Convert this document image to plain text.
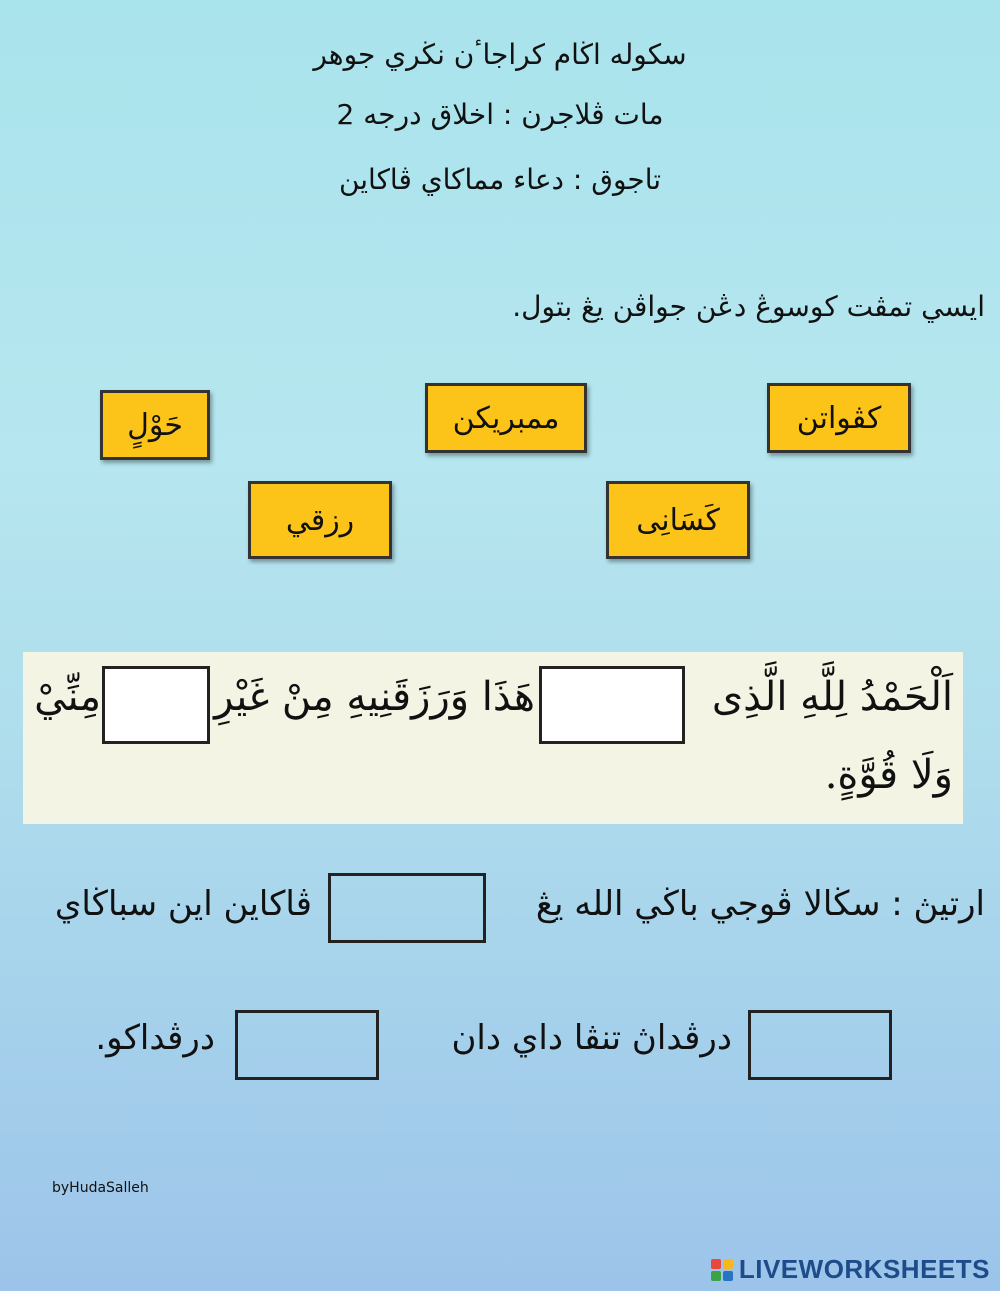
سكوله اڬام كراجاٴن نڬري جوهر
مات ڤلاجرن : اخلاق درجه 2
تاجوق : دعاء مماكاي ڤاكاين
ايسي تمڤت كوسوڠ دڠن جواڤن يڠ بتول.
كڤواتن
ممبريكن
حَوْلٍ
كَسَانِى
رزقي
اَلْحَمْدُ لِلَّهِ الَّذِى
هَذَا وَرَزَقَنِيهِ مِنْ غَيْرِ
مِنِّيْ
وَلَا قُوَّةٍ.
ارتيڽ : سڬالا ڤوجي باڬي الله يڠ
ڤاكاين اين سباڬاي
درڤداڽ تنڤا داي دان
درڤداكو.
byHudaSalleh
LIVEWORKSHEETS
